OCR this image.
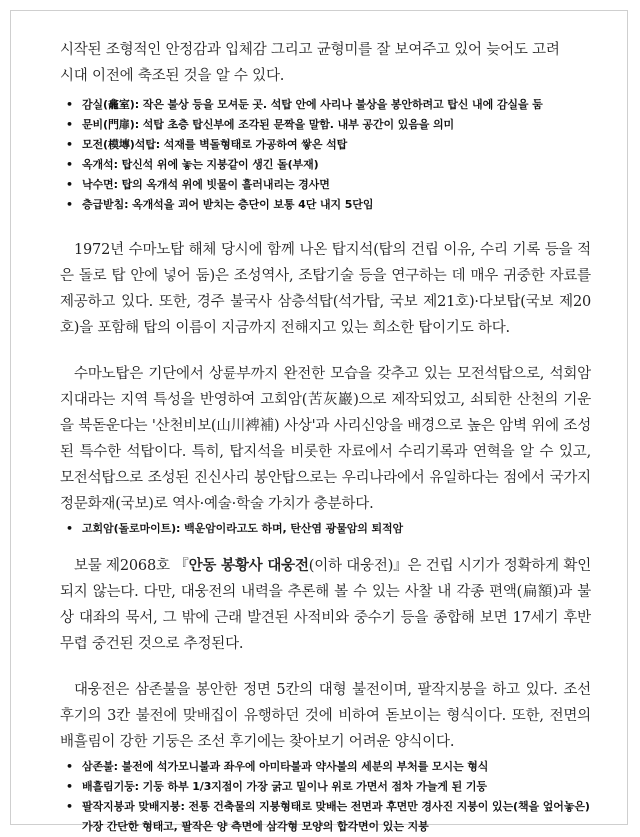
시작된 조형적인 안정감과 입체감 그리고 균형미를 잘 보여주고 있어 늦어도 고려
시대 이전에 축조된 것을 알 수 있다.

• 감실(龕室): 작은 불상 등을 모셔둔 곳. 석탑 안에 사리나 불상을 봉안하려고 탑신 내에 감실을 둠
• 문비(門扉): 석탑 초층 탑신부에 조각된 문짝을 말함. 내부 공간이 있음을 의미
• 모전(模塼)석탑: 석재를 벽돌형태로 가공하여 쌓은 석탑
• 옥개석: 탑신석 위에 놓는 지붕같이 생긴 돌(부재)
• 낙수면: 탑의 옥개석 위에 빗물이 흘러내리는 경사면
• 층급받침: 옥개석을 괴어 받치는 층단이 보통 4단 내지 5단임

1972년 수마노탑 해체 당시에 함께 나온 탑지석(탑의 건립 이유, 수리 기록 등을 적은 돌로 탑 안에 넣어 둠)은 조성역사, 조탑기술 등을 연구하는 데 매우 귀중한 자료를 제공하고 있다. 또한, 경주 불국사 삼층석탑(석가탑, 국보 제21호)·다보탑(국보 제20호)을 포함해 탑의 이름이 지금까지 전해지고 있는 희소한 탑이기도 하다.

수마노탑은 기단에서 상륜부까지 완전한 모습을 갖추고 있는 모전석탑으로, 석회암 지대라는 지역 특성을 반영하여 고회암(苦灰巖)으로 제작되었고, 쇠퇴한 산천의 기운을 북돋운다는 '산천비보(山川裨補) 사상'과 사리신앙을 배경으로 높은 암벽 위에 조성된 특수한 석탑이다. 특히, 탑지석을 비롯한 자료에서 수리기록과 연혁을 알 수 있고, 모전석탑으로 조성된 진신사리 봉안탑으로는 우리나라에서 유일하다는 점에서 국가지정문화재(국보)로 역사·예술·학술 가치가 충분하다.

• 고회암(돌로마이트): 백운암이라고도 하며, 탄산염 광물암의 퇴적암

보물 제2068호 『안동 봉황사 대웅전(이하 대웅전)』은 건립 시기가 정확하게 확인되지 않는다. 다만, 대웅전의 내력을 추론해 볼 수 있는 사찰 내 각종 편액(扁額)과 불상 대좌의 묵서, 그 밖에 근래 발견된 사적비와 중수기 등을 종합해 보면 17세기 후반 무렵 중건된 것으로 추정된다.

대웅전은 삼존불을 봉안한 정면 5칸의 대형 불전이며, 팔작지붕을 하고 있다. 조선후기의 3칸 불전에 맞배집이 유행하던 것에 비하여 돋보이는 형식이다. 또한, 전면의 배흘림이 강한 기둥은 조선 후기에는 찾아보기 어려운 양식이다.

• 삼존불: 불전에 석가모니불과 좌우에 아미타불과 약사불의 세분의 부처를 모시는 형식
• 배흘림기둥: 기둥 하부 1/3지점이 가장 굵고 밑이나 위로 가면서 점차 가늘게 된 기둥
• 팔작지붕과 맞배지붕: 전통 건축물의 지붕형태로 맞배는 전면과 후면만 경사진 지붕이 있는(책을 엎어놓은) 가장 간단한 형태고, 팔작은 양 측면에 삼각형 모양의 합각면이 있는 지붕
